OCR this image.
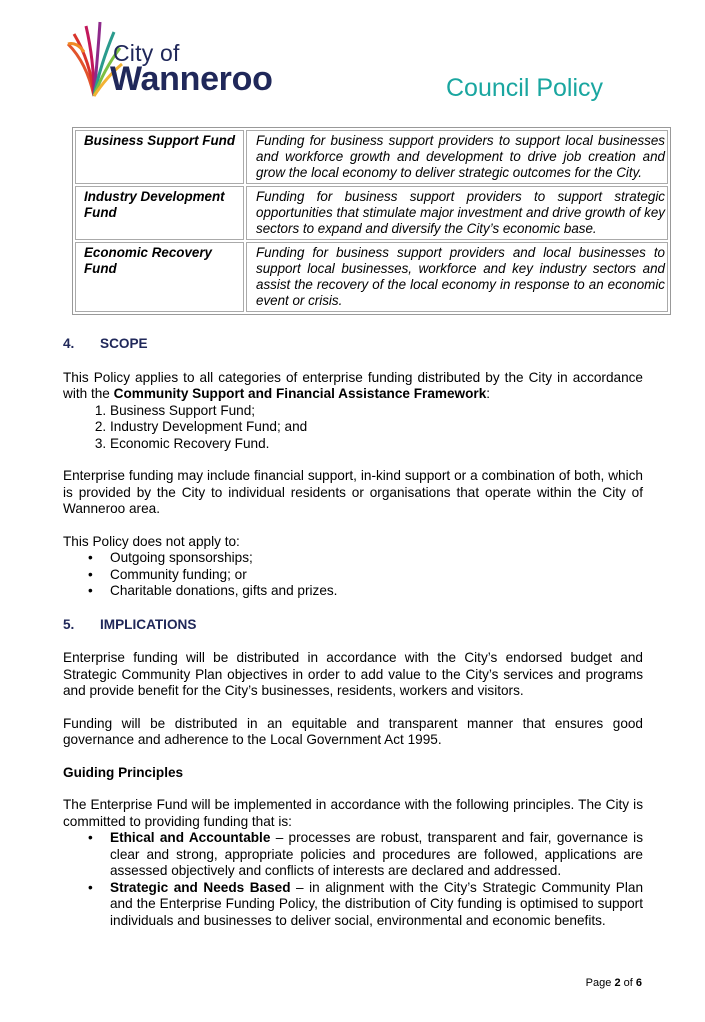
City of
Wanneroo	Council Policy
Business Support Fund	Funding for business support providers to support local businesses and workforce growth and development to drive job creation and grow the local economy to deliver strategic outcomes for the City.
Industry Development Fund	Funding for business support providers to support strategic opportunities that stimulate major investment and drive growth of key sectors to expand and diversify the City’s economic base.
Economic Recovery Fund	Funding for business support providers and local businesses to support local businesses, workforce and key industry sectors and assist the recovery of the local economy in response to an economic event or crisis.
4. SCOPE

This Policy applies to all categories of enterprise funding distributed by the City in accordance with the Community Support and Financial Assistance Framework:

1. Business Support Fund;
2. Industry Development Fund; and
3. Economic Recovery Fund.

Enterprise funding may include financial support, in-kind support or a combination of both, which is provided by the City to individual residents or organisations that operate within the City of Wanneroo area.

This Policy does not apply to:

• Outgoing sponsorships;
• Community funding; or
• Charitable donations, gifts and prizes.
5. IMPLICATIONS

Enterprise funding will be distributed in accordance with the City’s endorsed budget and Strategic Community Plan objectives in order to add value to the City’s services and programs and provide benefit for the City’s businesses, residents, workers and visitors.

Funding will be distributed in an equitable and transparent manner that ensures good governance and adherence to the Local Government Act 1995.

Guiding Principles

The Enterprise Fund will be implemented in accordance with the following principles. The City is committed to providing funding that is:

• Ethical and Accountable – processes are robust, transparent and fair, governance is clear and strong, appropriate policies and procedures are followed, applications are assessed objectively and conflicts of interests are declared and addressed.
• Strategic and Needs Based – in alignment with the City’s Strategic Community Plan and the Enterprise Funding Policy, the distribution of City funding is optimised to support individuals and businesses to deliver social, environmental and economic benefits.
Page 2 of 6
